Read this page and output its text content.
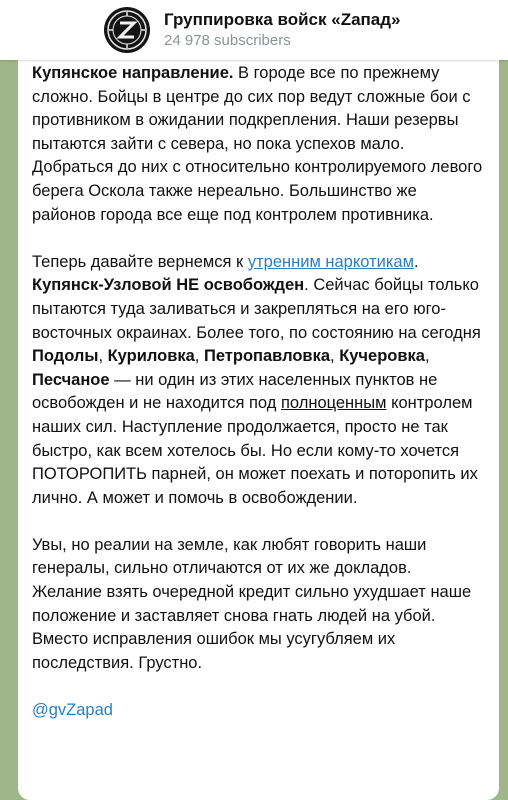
Группировка войск «Zапад»
24 978 subscribers

Купянское направление. В городе все по прежнему сложно. Бойцы в центре до сих пор ведут сложные бои с противником в ожидании подкрепления. Наши резервы пытаются зайти с севера, но пока успехов мало. Добраться до них с относительно контролируемого левого берега Оскола также нереально. Большинство же районов города все еще под контролем противника.

Теперь давайте вернемся к утренним наркотикам.
Купянск-Узловой НЕ освобожден. Сейчас бойцы только пытаются туда заливаться и закрепляться на его юго-восточных окраинах. Более того, по состоянию на сегодня Подолы, Куриловка, Петропавловка, Кучеровка, Песчаное — ни один из этих населенных пунктов не освобожден и не находится под полноценным контролем наших сил. Наступление продолжается, просто не так быстро, как всем хотелось бы. Но если кому-то хочется ПОТОРОПИТЬ парней, он может поехать и поторопить их лично. А может и помочь в освобождении.

Увы, но реалии на земле, как любят говорить наши генералы, сильно отличаются от их же докладов. Желание взять очередной кредит сильно ухудшает наше положение и заставляет снова гнать людей на убой. Вместо исправления ошибок мы усугубляем их последствия. Грустно.

@gvZapad
